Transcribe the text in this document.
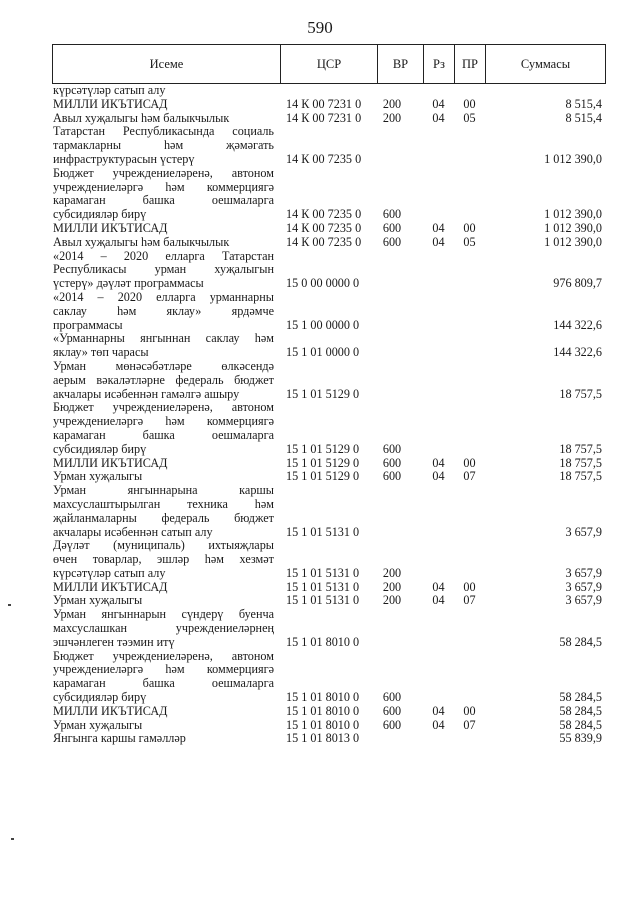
590
Исеме	ЦСР	ВР	Рз	ПР	Суммасы
күрсәтүләр сатып алу
МИЛЛИ ИКЪТИСАД	14 К 00 7231 0	200	04	00	8 515,4
Авыл хуҗалыгы һәм балыкчылык	14 К 00 7231 0	200	04	05	8 515,4
Татарстан Республикасында социаль
тармакларны һәм җәмәгать
инфраструктурасын үстерү	14 К 00 7235 0	1 012 390,0
Бюджет учреждениеләренә, автоном
учреждениеләргә һәм коммерциягә
карамаган башка оешмаларга
субсидияләр бирү	14 К 00 7235 0	600	1 012 390,0
МИЛЛИ ИКЪТИСАД	14 К 00 7235 0	600	04	00	1 012 390,0
Авыл хуҗалыгы һәм балыкчылык	14 К 00 7235 0	600	04	05	1 012 390,0
«2014 – 2020 елларга Татарстан
Республикасы урман хуҗалыгын
үстерү» дәүләт программасы	15 0 00 0000 0	976 809,7
«2014 – 2020 елларга урманнарны
саклау һәм яклау» ярдәмче
программасы	15 1 00 0000 0	144 322,6
«Урманнарны янгыннан саклау һәм
яклау» төп чарасы	15 1 01 0000 0	144 322,6
Урман мөнәсәбәтләре өлкәсендә
аерым вәкаләтләрне федераль бюджет
акчалары исәбеннән гамәлгә ашыру	15 1 01 5129 0	18 757,5
Бюджет учреждениеләренә, автоном
учреждениеләргә һәм коммерциягә
карамаган башка оешмаларга
субсидияләр бирү	15 1 01 5129 0	600	18 757,5
МИЛЛИ ИКЪТИСАД	15 1 01 5129 0	600	04	00	18 757,5
Урман хуҗалыгы	15 1 01 5129 0	600	04	07	18 757,5
Урман янгыннарына каршы
махсуслаштырылган техника һәм
җайланмаларны федераль бюджет
акчалары исәбеннән сатып алу	15 1 01 5131 0	3 657,9
Дәүләт (муниципаль) ихтыяҗлары
өчен товарлар, эшләр һәм хезмәт
күрсәтүләр сатып алу	15 1 01 5131 0	200	3 657,9
МИЛЛИ ИКЪТИСАД	15 1 01 5131 0	200	04	00	3 657,9
Урман хуҗалыгы	15 1 01 5131 0	200	04	07	3 657,9
Урман янгыннарын сүндерү буенча
махсуслашкан учреждениеләрнең
эшчәнлеген тәэмин итү	15 1 01 8010 0	58 284,5
Бюджет учреждениеләренә, автоном
учреждениеләргә һәм коммерциягә
карамаган башка оешмаларга
субсидияләр бирү	15 1 01 8010 0	600	58 284,5
МИЛЛИ ИКЪТИСАД	15 1 01 8010 0	600	04	00	58 284,5
Урман хуҗалыгы	15 1 01 8010 0	600	04	07	58 284,5
Янгынга каршы гамәлләр	15 1 01 8013 0	55 839,9
